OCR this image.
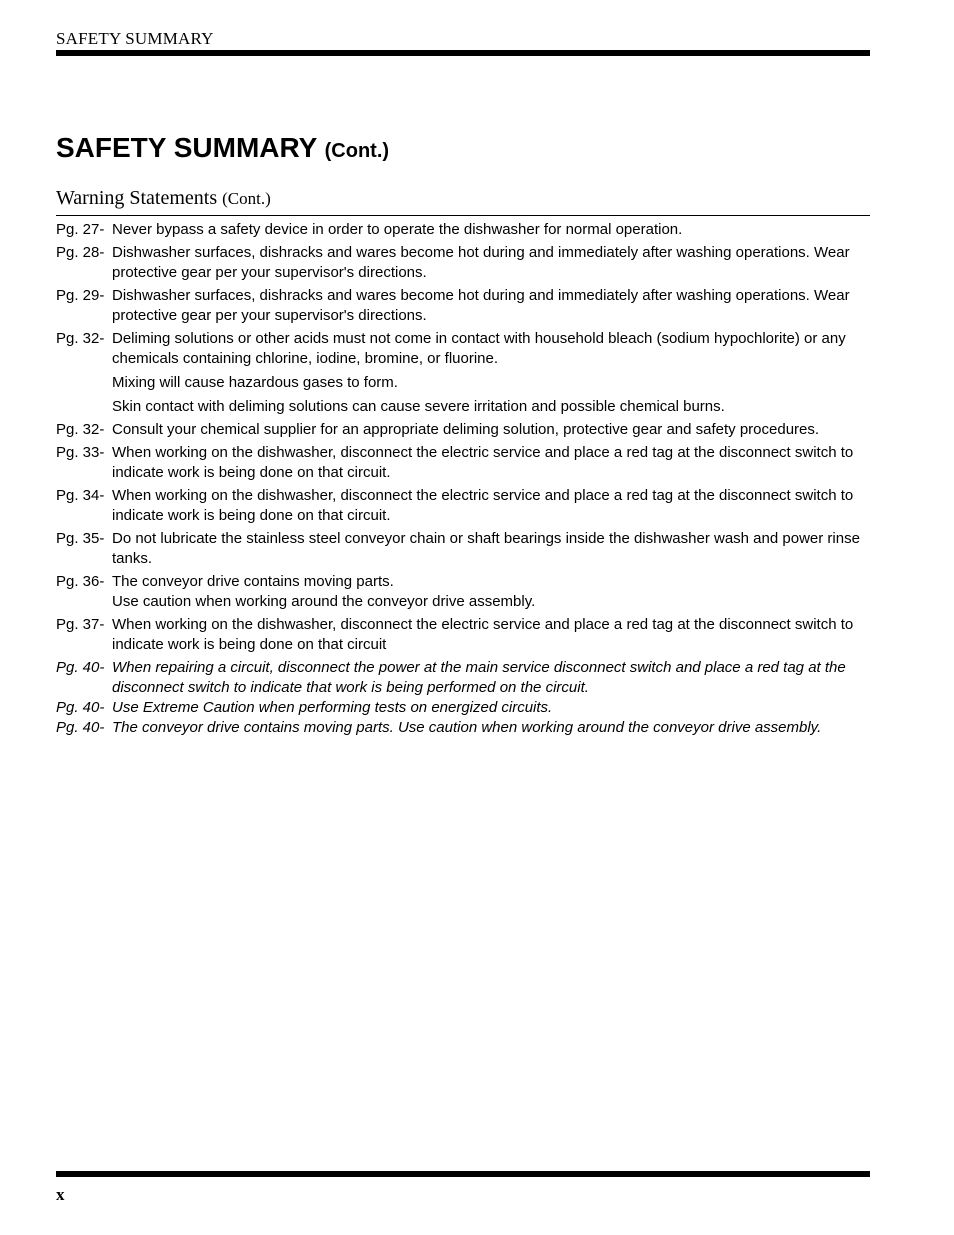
SAFETY SUMMARY
SAFETY SUMMARY (Cont.)
Warning Statements (Cont.)
Pg. 27- Never bypass a safety device in order to operate the dishwasher for normal operation.

Pg. 28- Dishwasher surfaces, dishracks and wares become hot during and immediately after washing operations. Wear protective gear per your supervisor's directions.

Pg. 29- Dishwasher surfaces, dishracks and wares become hot during and immediately after washing operations. Wear protective gear per your supervisor's directions.

Pg. 32- Deliming solutions or other acids must not come in contact with household bleach (sodium hypochlorite) or any chemicals containing chlorine, iodine, bromine, or fluorine.

Mixing will cause hazardous gases to form.

Skin contact with deliming solutions can cause severe irritation and possible chemical burns.

Pg. 32- Consult your chemical supplier for an appropriate deliming solution, protective gear and safety procedures.

Pg. 33- When working on the dishwasher, disconnect the electric service and place a red tag at the disconnect switch to indicate work is being done on that circuit.

Pg. 34- When working on the dishwasher, disconnect the electric service and place a red tag at the disconnect switch to indicate work is being done on that circuit.

Pg. 35- Do not lubricate the stainless steel conveyor chain or shaft bearings inside the dishwasher wash and power rinse tanks.

Pg. 36- The conveyor drive contains moving parts.

Use caution when working around the conveyor drive assembly.

Pg. 37- When working on the dishwasher, disconnect the electric service and place a red tag at the disconnect switch to indicate work is being done on that circuit

Pg. 40- When repairing a circuit, disconnect the power at the main service disconnect switch and place a red tag at the disconnect switch to indicate that work is being performed on the circuit.

Pg. 40- Use Extreme Caution when performing tests on energized circuits.

Pg. 40- The conveyor drive contains moving parts. Use caution when working around the conveyor drive assembly.

x
